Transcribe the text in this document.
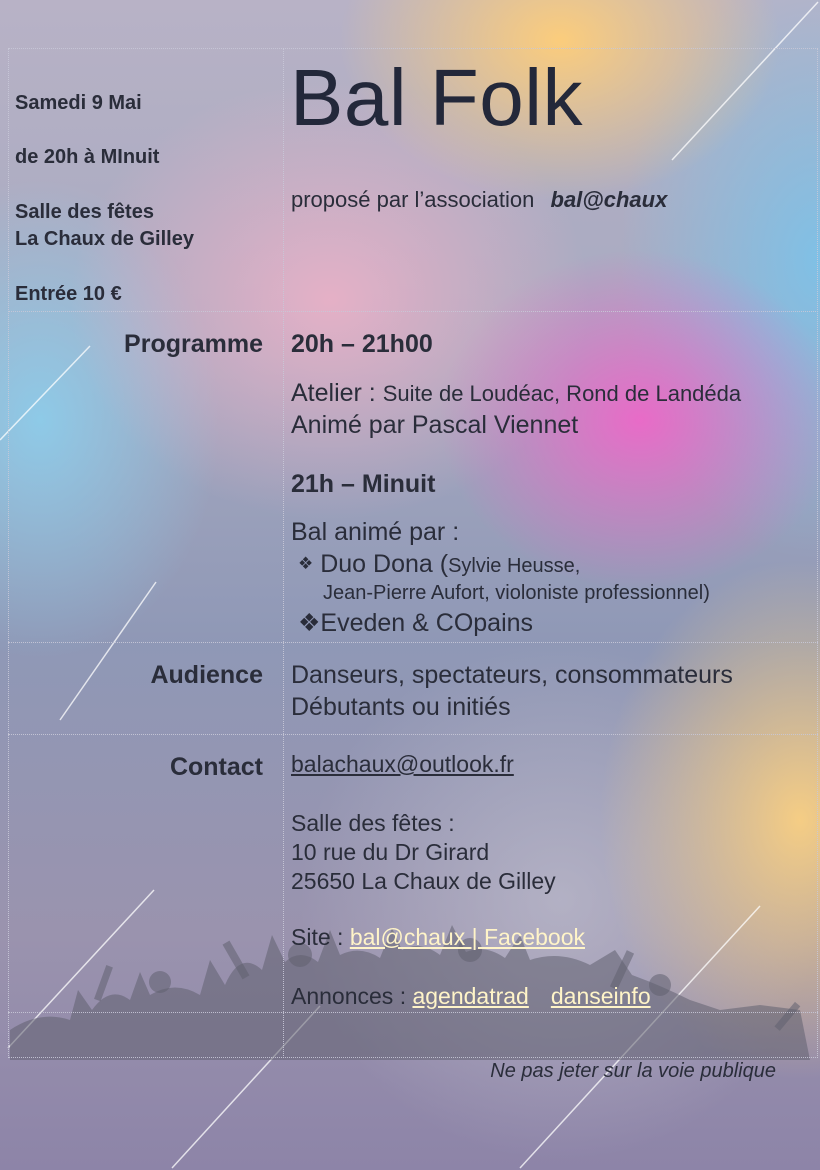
Samedi 9 Mai
de 20h à MInuit
Salle des fêtes
La Chaux de Gilley
Entrée 10 €
Bal Folk
proposé par l’association bal@chaux
Programme 20h – 21h00
Atelier : Suite de Loudéac, Rond de Landéda
Animé par Pascal Viennet
21h – Minuit
Bal animé par :
❖ Duo Dona (Sylvie Heusse,
Jean-Pierre Aufort, violoniste professionnel)
❖Eveden & COpains
Audience Danseurs, spectateurs, consommateurs
Débutants ou initiés
Contact balachaux@outlook.fr
Salle des fêtes :
10 rue du Dr Girard
25650 La Chaux de Gilley
Site : bal@chaux | Facebook
Annonces : agendatrad danseinfo
Ne pas jeter sur la voie publique
